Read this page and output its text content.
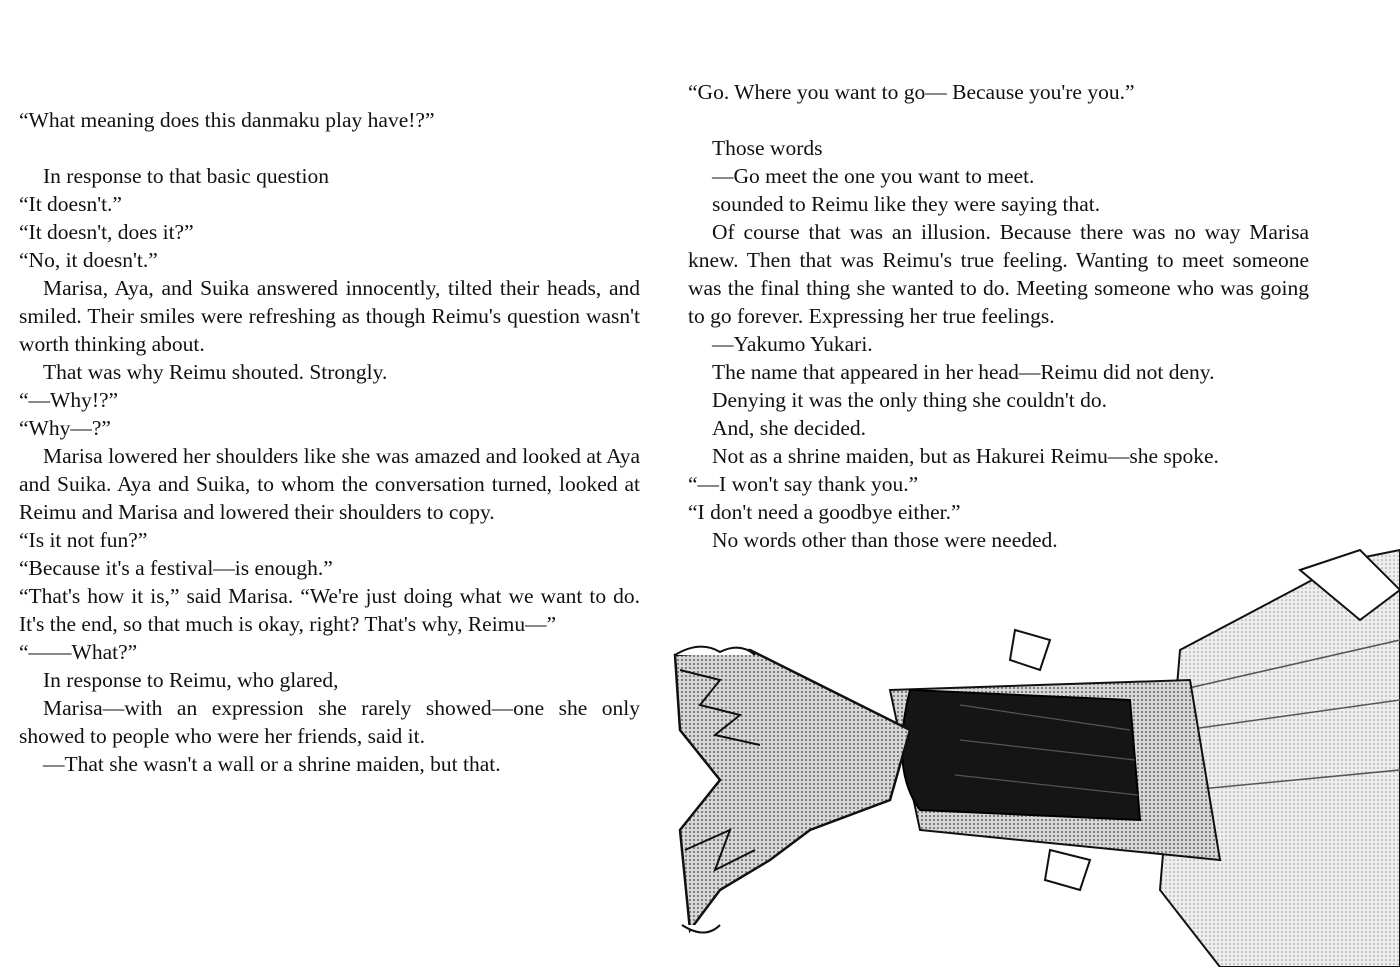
“What meaning does this danmaku play have!?”

In response to that basic question

“It doesn't.”

“It doesn't, does it?”

“No, it doesn't.”

Marisa, Aya, and Suika answered innocently, tilted their heads, and smiled. Their smiles were refreshing as though Reimu's question wasn't worth thinking about.

That was why Reimu shouted. Strongly.

“—Why!?”

“Why—?”

Marisa lowered her shoulders like she was amazed and looked at Aya and Suika. Aya and Suika, to whom the conversation turned, looked at Reimu and Marisa and lowered their shoulders to copy.

“Is it not fun?”

“Because it's a festival—is enough.”

“That's how it is,” said Marisa. “We're just doing what we want to do. It's the end, so that much is okay, right? That's why, Reimu—”

“——What?”

In response to Reimu, who glared,

Marisa—with an expression she rarely showed—one she only showed to people who were her friends, said it.

—That she wasn't a wall or a shrine maiden, but that.

“Go. Where you want to go— Because you're you.”

Those words

—Go meet the one you want to meet.

sounded to Reimu like they were saying that.

Of course that was an illusion. Because there was no way Marisa knew. Then that was Reimu's true feeling. Wanting to meet someone was the final thing she wanted to do. Meeting someone who was going to go forever. Expressing her true feelings.

—Yakumo Yukari.

The name that appeared in her head—Reimu did not deny.

Denying it was the only thing she couldn't do.

And, she decided.

Not as a shrine maiden, but as Hakurei Reimu—she spoke.

“—I won't say thank you.”

“I don't need a goodbye either.”

No words other than those were needed.
